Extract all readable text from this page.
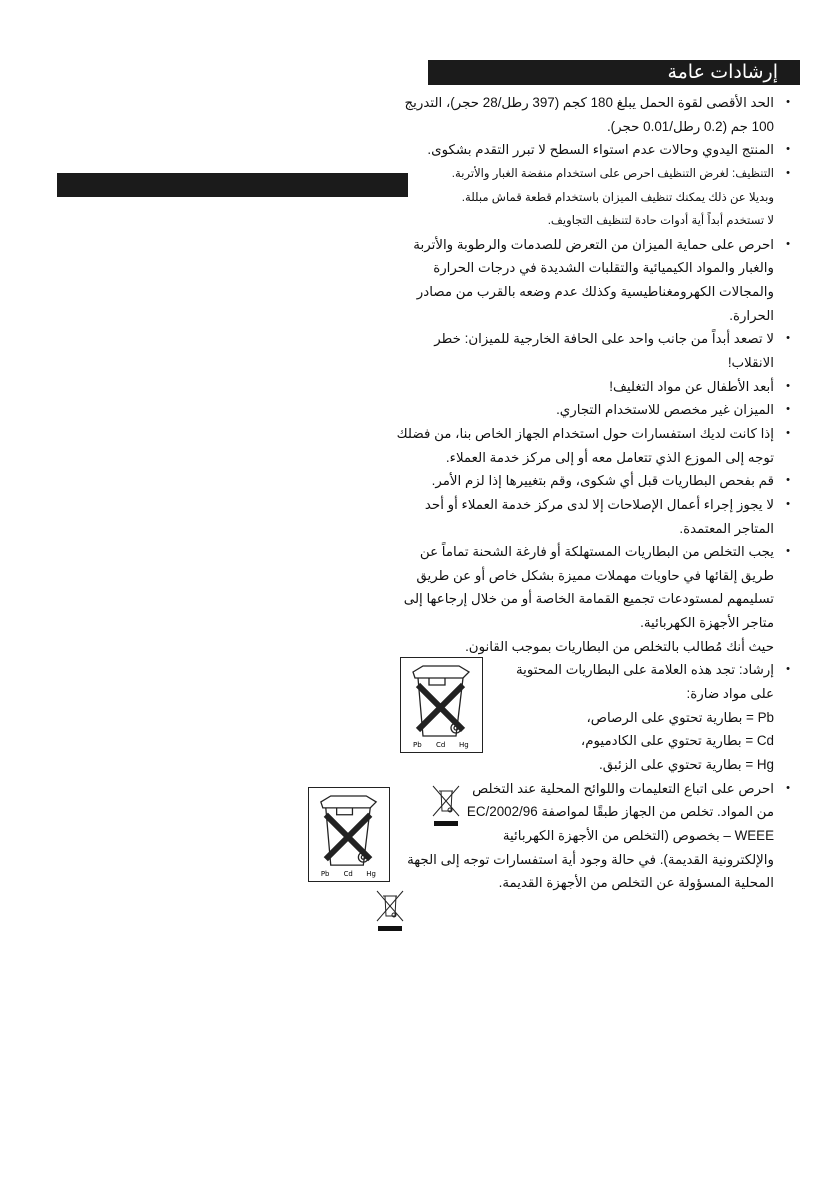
إرشادات عامة
•
الحد الأقصى لقوة الحمل يبلغ 180 كجم (397 رطل/28 حجر)، التدريج
100 جم (0.2 رطل/0.01 حجر).
•
المنتج اليدوي وحالات عدم استواء السطح لا تبرر التقدم بشكوى.
•
التنظيف: لغرض التنظيف احرص على استخدام منفضة الغبار والأتربة.
وبديلا عن ذلك يمكنك تنظيف الميزان باستخدام قطعة قماش مبللة.
لا تستخدم أبداً أية أدوات حادة لتنظيف التجاويف.
•
احرص على حماية الميزان من التعرض للصدمات والرطوبة والأتربة
والغبار والمواد الكيميائية والتقلبات الشديدة في درجات الحرارة
والمجالات الكهرومغناطيسية وكذلك عدم وضعه بالقرب من مصادر
الحرارة.
•
لا تصعد أبداً من جانب واحد على الحافة الخارجية للميزان: خطر
الانقلاب!
•
أبعد الأطفال عن مواد التغليف!
•
الميزان غير مخصص للاستخدام التجاري.
•
إذا كانت لديك استفسارات حول استخدام الجهاز الخاص بنا، من فضلك
توجه إلى الموزع الذي تتعامل معه أو إلى مركز خدمة العملاء.
•
قم بفحص البطاريات قبل أي شكوى، وقم بتغييرها إذا لزم الأمر.
•
لا يجوز إجراء أعمال الإصلاحات إلا لدى مركز خدمة العملاء أو أحد
المتاجر المعتمدة.
•
يجب التخلص من البطاريات المستهلكة أو فارغة الشحنة تماماً عن
طريق إلقائها في حاويات مهملات مميزة بشكل خاص أو عن طريق
تسليمهم لمستودعات تجميع القمامة الخاصة أو من خلال إرجاعها إلى
متاجر الأجهزة الكهربائية.
حيث أنك مُطالب بالتخلص من البطاريات بموجب القانون.
•
إرشاد: تجد هذه العلامة على البطاريات المحتوية
على مواد ضارة:
Pb = بطارية تحتوي على الرصاص،
Cd = بطارية تحتوي على الكادميوم،
Hg = بطارية تحتوي على الزئبق.
•
احرص على اتباع التعليمات واللوائح المحلية عند التخلص
من المواد. تخلص من الجهاز طبقًا لمواصفة 2002/96/EC
WEEE – بخصوص (التخلص من الأجهزة الكهربائية
والإلكترونية القديمة). في حالة وجود أية استفسارات توجه إلى الجهة
المحلية المسؤولة عن التخلص من الأجهزة القديمة.
Pb Cd Hg
Pb Cd Hg
